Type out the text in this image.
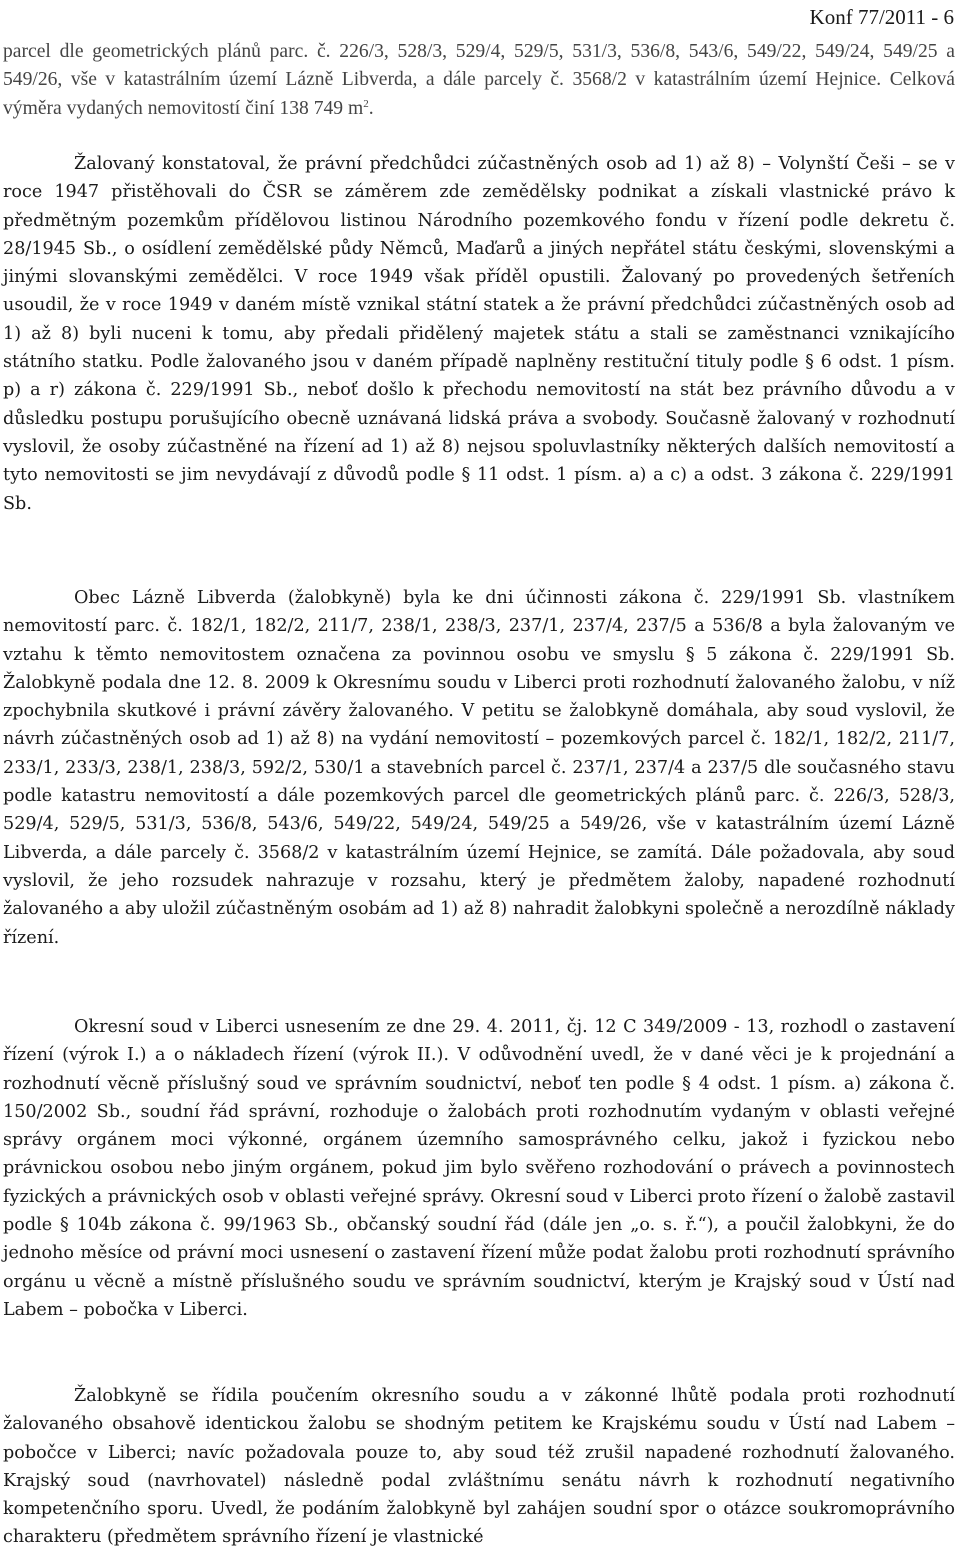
Konf 77/2011 - 6

parcel dle geometrických plánů parc. č. 226/3, 528/3, 529/4, 529/5, 531/3, 536/8, 543/6, 549/22, 549/24, 549/25 a 549/26, vše v katastrálním území Lázně Libverda, a dále parcely č. 3568/2 v katastrálním území Hejnice. Celková výměra vydaných nemovitostí činí 138 749 $m^2$.

Žalovaný konstatoval, že právní předchůdci zúčastněných osob ad 1) až 8) – Volynští Češi – se v roce 1947 přistěhovali do ČSR se záměrem zde zemědělsky podnikat a získali vlastnické právo k předmětným pozemkům přídělovou listinou Národního pozemkového fondu v řízení podle dekretu č. 28/1945 Sb., o osídlení zemědělské půdy Němců, Maďarů a jiných nepřátel státu českými, slovenskými a jinými slovanskými zemědělci. V roce 1949 však příděl opustili. Žalovaný po provedených šetřeních usoudil, že v roce 1949 v daném místě vznikal státní statek a že právní předchůdci zúčastněných osob ad 1) až 8) byli nuceni k tomu, aby předali přidělený majetek státu a stali se zaměstnanci vznikajícího státního statku. Podle žalovaného jsou v daném případě naplněny restituční tituly podle § 6 odst. 1 písm. p) a r) zákona č. 229/1991 Sb., neboť došlo k přechodu nemovitostí na stát bez právního důvodu a v důsledku postupu porušujícího obecně uznávaná lidská práva a svobody. Současně žalovaný v rozhodnutí vyslovil, že osoby zúčastněné na řízení ad 1) až 8) nejsou spoluvlastníky některých dalších nemovitostí a tyto nemovitosti se jim nevydávají z důvodů podle § 11 odst. 1 písm. a) a c) a odst. 3 zákona č. 229/1991 Sb.

Obec Lázně Libverda (žalobkyně) byla ke dni účinnosti zákona č. 229/1991 Sb. vlastníkem nemovitostí parc. č. 182/1, 182/2, 211/7, 238/1, 238/3, 237/1, 237/4, 237/5 a 536/8 a byla žalovaným ve vztahu k těmto nemovitostem označena za povinnou osobu ve smyslu § 5 zákona č. 229/1991 Sb. Žalobkyně podala dne 12. 8. 2009 k Okresnímu soudu v Liberci proti rozhodnutí žalovaného žalobu, v níž zpochybnila skutkové i právní závěry žalovaného. V petitu se žalobkyně domáhala, aby soud vyslovil, že návrh zúčastněných osob ad 1) až 8) na vydání nemovitostí – pozemkových parcel č. 182/1, 182/2, 211/7, 233/1, 233/3, 238/1, 238/3, 592/2, 530/1 a stavebních parcel č. 237/1, 237/4 a 237/5 dle současného stavu podle katastru nemovitostí a dále pozemkových parcel dle geometrických plánů parc. č. 226/3, 528/3, 529/4, 529/5, 531/3, 536/8, 543/6, 549/22, 549/24, 549/25 a 549/26, vše v katastrálním území Lázně Libverda, a dále parcely č. 3568/2 v katastrálním území Hejnice, se zamítá. Dále požadovala, aby soud vyslovil, že jeho rozsudek nahrazuje v rozsahu, který je předmětem žaloby, napadené rozhodnutí žalovaného a aby uložil zúčastněným osobám ad 1) až 8) nahradit žalobkyni společně a nerozdílně náklady řízení.

Okresní soud v Liberci usnesením ze dne 29. 4. 2011, čj. 12 C 349/2009 - 13, rozhodl o zastavení řízení (výrok I.) a o nákladech řízení (výrok II.). V odůvodnění uvedl, že v dané věci je k projednání a rozhodnutí věcně příslušný soud ve správním soudnictví, neboť ten podle § 4 odst. 1 písm. a) zákona č. 150/2002 Sb., soudní řád správní, rozhoduje o žalobách proti rozhodnutím vydaným v oblasti veřejné správy orgánem moci výkonné, orgánem územního samosprávného celku, jakož i fyzickou nebo právnickou osobou nebo jiným orgánem, pokud jim bylo svěřeno rozhodování o právech a povinnostech fyzických a právnických osob v oblasti veřejné správy. Okresní soud v Liberci proto řízení o žalobě zastavil podle § 104b zákona č. 99/1963 Sb., občanský soudní řád (dále jen „o. s. ř.“), a poučil žalobkyni, že do jednoho měsíce od právní moci usnesení o zastavení řízení může podat žalobu proti rozhodnutí správního orgánu u věcně a místně příslušného soudu ve správním soudnictví, kterým je Krajský soud v Ústí nad Labem – pobočka v Liberci.

Žalobkyně se řídila poučením okresního soudu a v zákonné lhůtě podala proti rozhodnutí žalovaného obsahově identickou žalobu se shodným petitem ke Krajskému soudu v Ústí nad Labem – pobočce v Liberci; navíc požadovala pouze to, aby soud též zrušil napadené rozhodnutí žalovaného. Krajský soud (navrhovatel) následně podal zvláštnímu senátu návrh k rozhodnutí negativního kompetenčního sporu. Uvedl, že podáním žalobkyně byl zahájen soudní spor o otázce soukromoprávního charakteru (předmětem správního řízení je vlastnické
